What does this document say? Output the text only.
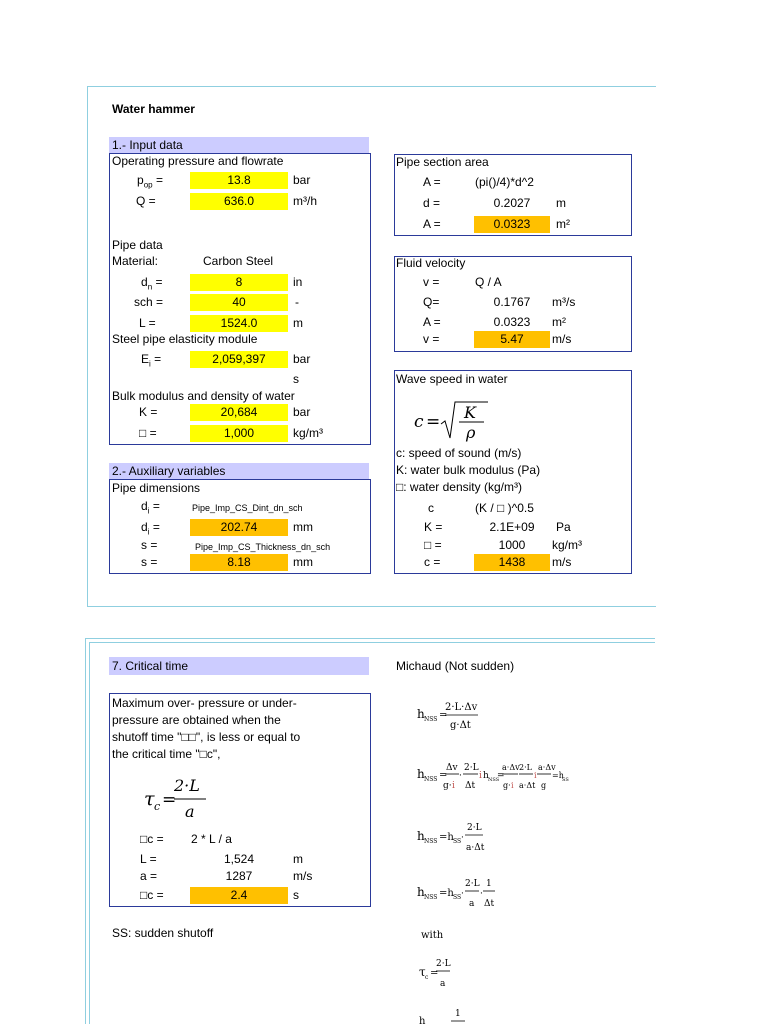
Water hammer
1.- Input data
Operating pressure and flowrate
$p_{op}$ =	13.8	bar
Q =	636.0	m³/h
Pipe data
Material:	Carbon Steel
$d_n$ =	8	in
sch =	40	-
L =	1524.0	m
Steel pipe elasticity module
$E_i$ =	2,059,397	bar
s
Bulk modulus and density of water
K =	20,684	bar
□ =	1,000	kg/m³
2.- Auxiliary variables
Pipe dimensions
$d_i$ =	Pipe_Imp_CS_Dint_dn_sch
$d_i$ =	202.74	mm
s =	Pipe_Imp_CS_Thickness_dn_sch
s =	8.18	mm
Pipe section area
A =	(pi()/4)*d^2
d =	0.2027	m
A =	0.0323	m²
Fluid velocity
v =	Q / A
Q=	0.1767	m³/s
A =	0.0323	m²
v =	5.47	m/s
Wave speed in water
c = K
ρ
c: speed of sound (m/s)
K: water bulk modulus (Pa)
□: water density (kg/m³)
c	(K / □ )^0.5
K =	2.1E+09	Pa
□ =	1000	kg/m³
c =	1438	m/s
7. Critical time	Michaud (Not sudden)
Maximum over- pressure or under-
pressure are obtained when the
shutoff time "□□", is less or equal to
the critical time "□c",
τ c =
2·L
a
□c = 2 * L / a
L =	1,524	m
a =	1287	m/s
□c =	2.4	s
SS: sudden shutoff
h NSS =
2·L·Δv
g·Δt
h NSS =
Δv
g· i
·
2·L
Δt
i h NSS
=
a·Δv
g· i
2·L
a·Δt
i
a·Δv
g
=h
SS
h NSS =h SS ·
2·L
a·Δt
h NSS =h SS ·
2·L
a
·
1
Δt
with
τ c =
2·L
a
h
1
